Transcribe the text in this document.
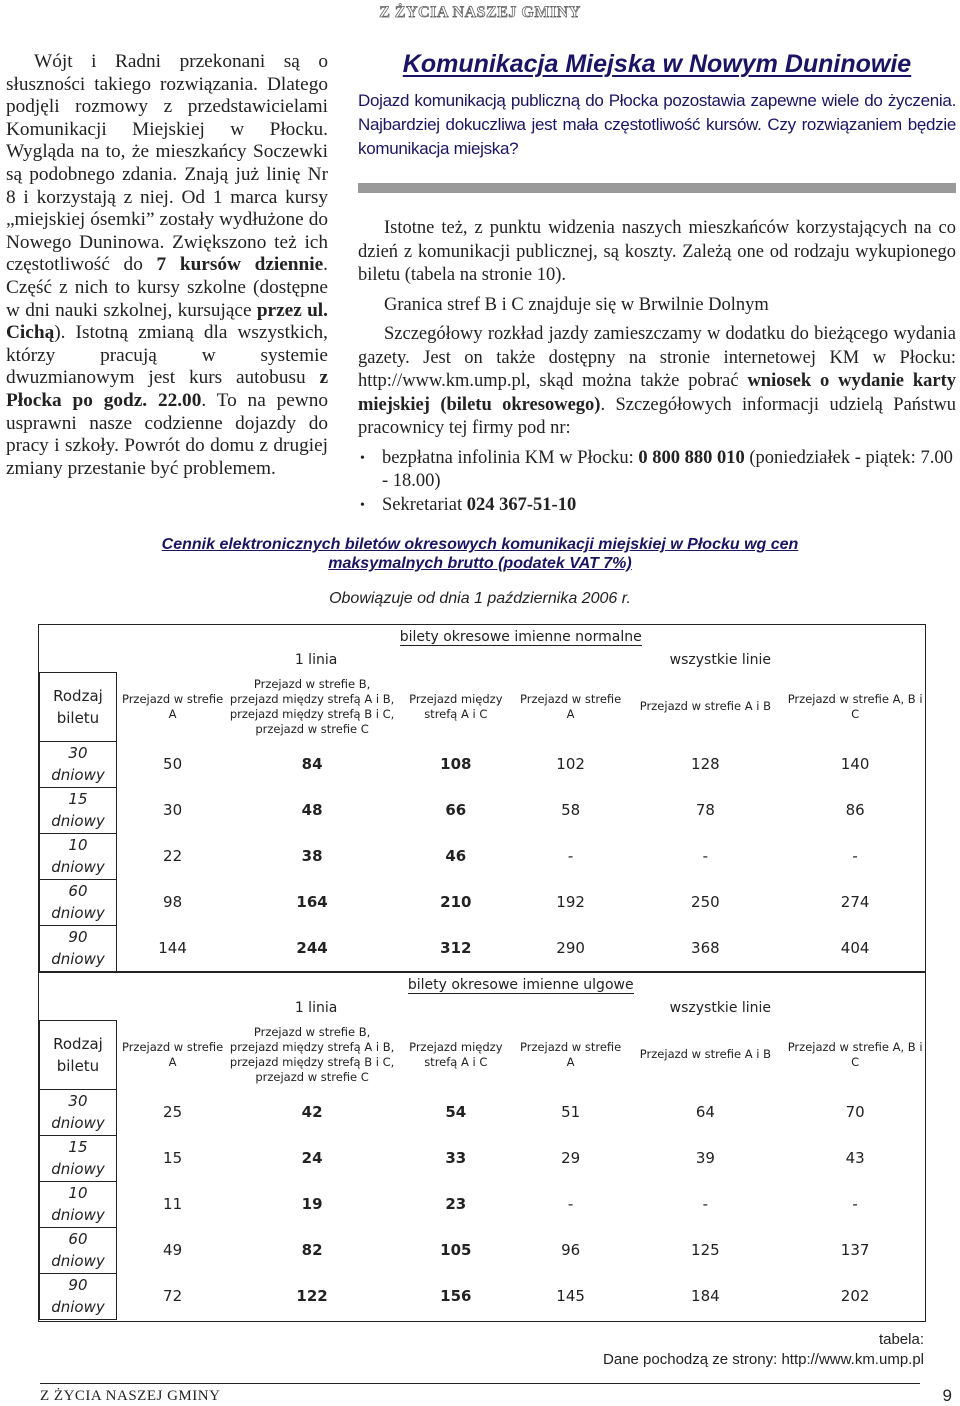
Z ŻYCIA NASZEJ GMINY

Wójt i Radni przekonani są o słuszności takiego rozwiązania. Dlatego podjęli rozmowy z przedstawicielami Komunikacji Miejskiej w Płocku. Wygląda na to, że mieszkańcy Soczewki są podobnego zdania. Znają już linię Nr 8 i korzystają z niej. Od 1 marca kursy „miejskiej ósemki” zostały wydłużone do Nowego Duninowa. Zwiększono też ich częstotliwość do 7 kursów dziennie. Część z nich to kursy szkolne (dostępne w dni nauki szkolnej, kursujące przez ul. Cichą). Istotną zmianą dla wszystkich, którzy pracują w systemie dwuzmianowym jest kurs autobusu z Płocka po godz. 22.00. To na pewno usprawni nasze codzienne dojazdy do pracy i szkoły. Powrót do domu z drugiej zmiany przestanie być problemem.

Komunikacja Miejska w Nowym Duninowie

Dojazd komunikacją publiczną do Płocka pozostawia zapewne wiele do życzenia. Najbardziej dokuczliwa jest mała częstotliwość kursów. Czy rozwiązaniem będzie komunikacja miejska?

Istotne też, z punktu widzenia naszych mieszkańców korzystających na co dzień z komunikacji publicznej, są koszty. Zależą one od rodzaju wykupionego biletu (tabela na stronie 10).

Granica stref B i C znajduje się w Brwilnie Dolnym

Szczegółowy rozkład jazdy zamieszczamy w dodatku do bieżącego wydania gazety. Jest on także dostępny na stronie internetowej KM w Płocku: http://www.km.ump.pl, skąd można także pobrać wniosek o wydanie karty miejskiej (biletu okresowego). Szczegółowych informacji udzielą Państwu pracownicy tej firmy pod nr:

• bezpłatna infolinia KM w Płocku: 0 800 880 010 (poniedziałek - piątek: 7.00 - 18.00)
• Sekretariat 024 367-51-10
Cennik elektronicznych biletów okresowych komunikacji miejskiej w Płocku wg cen
maksymalnych brutto (podatek VAT 7%)
Obowiązuje od dnia 1 października 2006 r.
	bilety okresowe imienne normalne					
	1 linia			wszystkie linie		
Rodzaj biletu	Przejazd w strefie A	Przejazd w strefie B, przejazd między strefą A i B, przejazd między strefą B i C, przejazd w strefie C	Przejazd między strefą A i C	Przejazd w strefie A	Przejazd w strefie A i B	Przejazd w strefie A, B i C
30 dniowy	50	84	108	102	128	140
15 dniowy	30	48	66	58	78	86
10 dniowy	22	38	46	-	-	-
60 dniowy	98	164	210	192	250	274
90 dniowy	144	244	312	290	368	404
	bilety okresowe imienne ulgowe					
	1 linia			wszystkie linie		
Rodzaj biletu	Przejazd w strefie A	Przejazd w strefie B, przejazd między strefą A i B, przejazd między strefą B i C, przejazd w strefie C	Przejazd między strefą A i C	Przejazd w strefie A	Przejazd w strefie A i B	Przejazd w strefie A, B i C
30 dniowy	25	42	54	51	64	70
15 dniowy	15	24	33	29	39	43
10 dniowy	11	19	23	-	-	-
60 dniowy	49	82	105	96	125	137
90 dniowy	72	122	156	145	184	202
tabela:
Dane pochodzą ze strony: http://www.km.ump.pl
Z ŻYCIA NASZEJ GMINY	9
